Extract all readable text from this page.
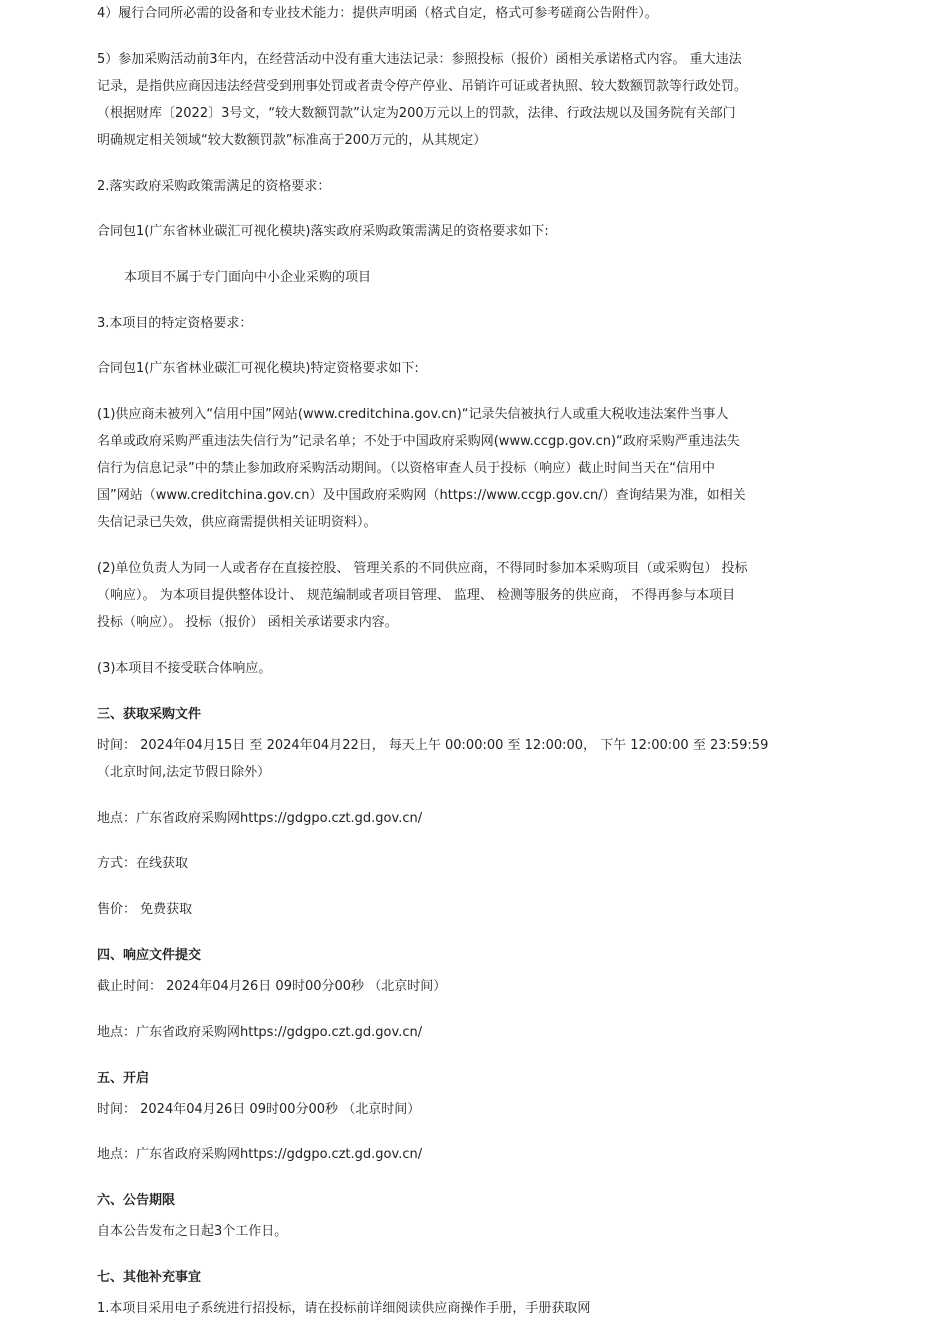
4）履行合同所必需的设备和专业技术能力：提供声明函（格式自定，格式可参考磋商公告附件）。
5）参加采购活动前3年内，在经营活动中没有重大违法记录：参照投标（报价）函相关承诺格式内容。 重大违法
记录，是指供应商因违法经营受到刑事处罚或者责令停产停业、吊销许可证或者执照、较大数额罚款等行政处罚。
（根据财库〔2022〕3号文，“较大数额罚款”认定为200万元以上的罚款，法律、行政法规以及国务院有关部门
明确规定相关领域“较大数额罚款”标准高于200万元的，从其规定）
2.落实政府采购政策需满足的资格要求：
合同包1(广东省林业碳汇可视化模块)落实政府采购政策需满足的资格要求如下:
本项目不属于专门面向中小企业采购的项目
3.本项目的特定资格要求：
合同包1(广东省林业碳汇可视化模块)特定资格要求如下:
(1)供应商未被列入“信用中国”网站(www.creditchina.gov.cn)“记录失信被执行人或重大税收违法案件当事人
名单或政府采购严重违法失信行为”记录名单；不处于中国政府采购网(www.ccgp.gov.cn)“政府采购严重违法失
信行为信息记录”中的禁止参加政府采购活动期间。（以资格审查人员于投标（响应）截止时间当天在“信用中
国”网站（www.creditchina.gov.cn）及中国政府采购网（https://www.ccgp.gov.cn/）查询结果为准，如相关
失信记录已失效，供应商需提供相关证明资料）。
(2)单位负责人为同一人或者存在直接控股、 管理关系的不同供应商，不得同时参加本采购项目（或采购包） 投标
（响应）。 为本项目提供整体设计、 规范编制或者项目管理、 监理、 检测等服务的供应商， 不得再参与本项目
投标（响应）。 投标（报价） 函相关承诺要求内容。
(3)本项目不接受联合体响应。
三、获取采购文件
时间： 2024年04月15日 至 2024年04月22日， 每天上午 00:00:00 至 12:00:00， 下午 12:00:00 至 23:59:59
（北京时间,法定节假日除外）
地点：广东省政府采购网https://gdgpo.czt.gd.gov.cn/
方式：在线获取
售价： 免费获取
四、响应文件提交
截止时间： 2024年04月26日 09时00分00秒 （北京时间）
地点：广东省政府采购网https://gdgpo.czt.gd.gov.cn/
五、开启
时间： 2024年04月26日 09时00分00秒 （北京时间）
地点：广东省政府采购网https://gdgpo.czt.gd.gov.cn/
六、公告期限
自本公告发布之日起3个工作日。
七、其他补充事宜
1.本项目采用电子系统进行招投标，请在投标前详细阅读供应商操作手册，手册获取网
